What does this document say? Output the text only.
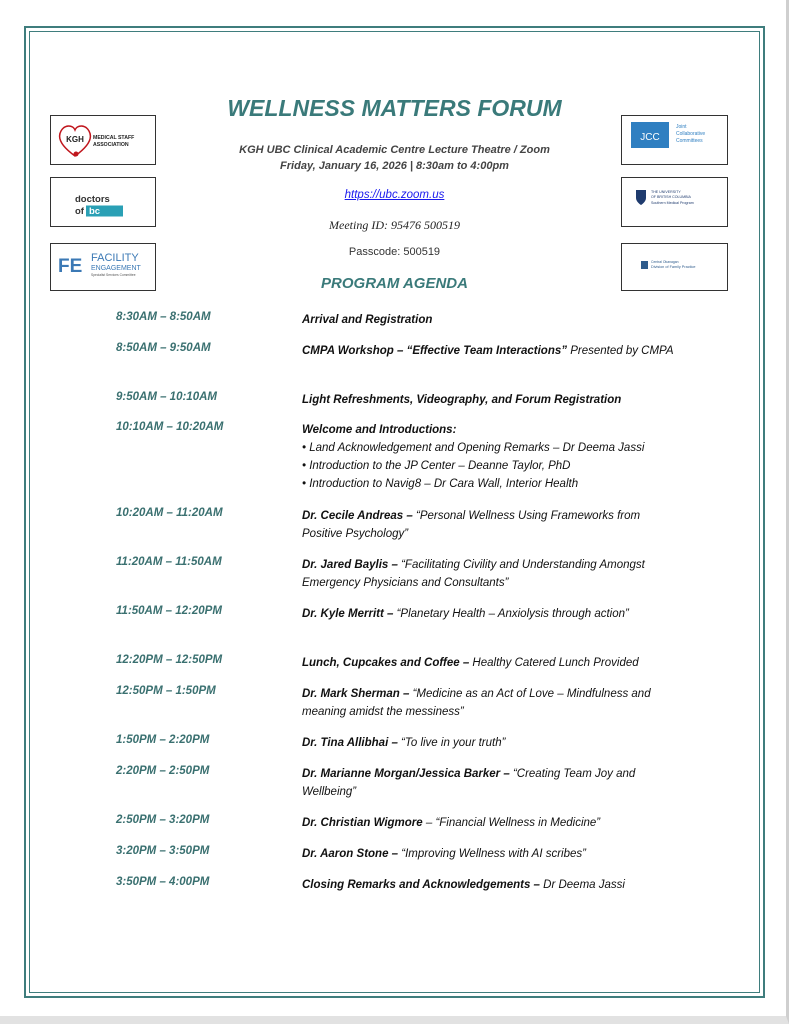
KGH MEDICAL STAFF
ASSOCIATION
doctors
of bc
FE FACILITY
ENGAGEMENT
Specialist Services Committee
JCC
Joint
Collaborative
Committees
THE UNIVERSITY
OF BRITISH COLUMBIA
Southern Medical Program
Central Okanagan
Division of Family Practice
WELLNESS MATTERS FORUM
KGH UBC Clinical Academic Centre Lecture Theatre / Zoom
Friday, January 16, 2026 | 8:30am to 4:00pm
https://ubc.zoom.us
Meeting ID: 95476 500519
Passcode: 500519
PROGRAM AGENDA
8:30AM – 8:50AM	Arrival and Registration
8:50AM – 9:50AM	CMPA Workshop – “Effective Team Interactions” Presented by CMPA
9:50AM – 10:10AM	Light Refreshments, Videography, and Forum Registration
10:10AM – 10:20AM	Welcome and Introductions:
• Land Acknowledgement and Opening Remarks – Dr Deema Jassi
• Introduction to the JP Center – Deanne Taylor, PhD
• Introduction to Navig8 – Dr Cara Wall, Interior Health
10:20AM – 11:20AM	Dr. Cecile Andreas – “Personal Wellness Using Frameworks from Positive Psychology”
11:20AM – 11:50AM	Dr. Jared Baylis – “Facilitating Civility and Understanding Amongst Emergency Physicians and Consultants”
11:50AM – 12:20PM	Dr. Kyle Merritt – “Planetary Health – Anxiolysis through action”
12:20PM – 12:50PM	Lunch, Cupcakes and Coffee – Healthy Catered Lunch Provided
12:50PM – 1:50PM	Dr. Mark Sherman – “Medicine as an Act of Love – Mindfulness and meaning amidst the messiness”
1:50PM – 2:20PM	Dr. Tina Allibhai – “To live in your truth”
2:20PM – 2:50PM	Dr. Marianne Morgan/Jessica Barker – “Creating Team Joy and Wellbeing”
2:50PM – 3:20PM	Dr. Christian Wigmore – “Financial Wellness in Medicine”
3:20PM – 3:50PM	Dr. Aaron Stone – “Improving Wellness with AI scribes”
3:50PM – 4:00PM	Closing Remarks and Acknowledgements – Dr Deema Jassi
